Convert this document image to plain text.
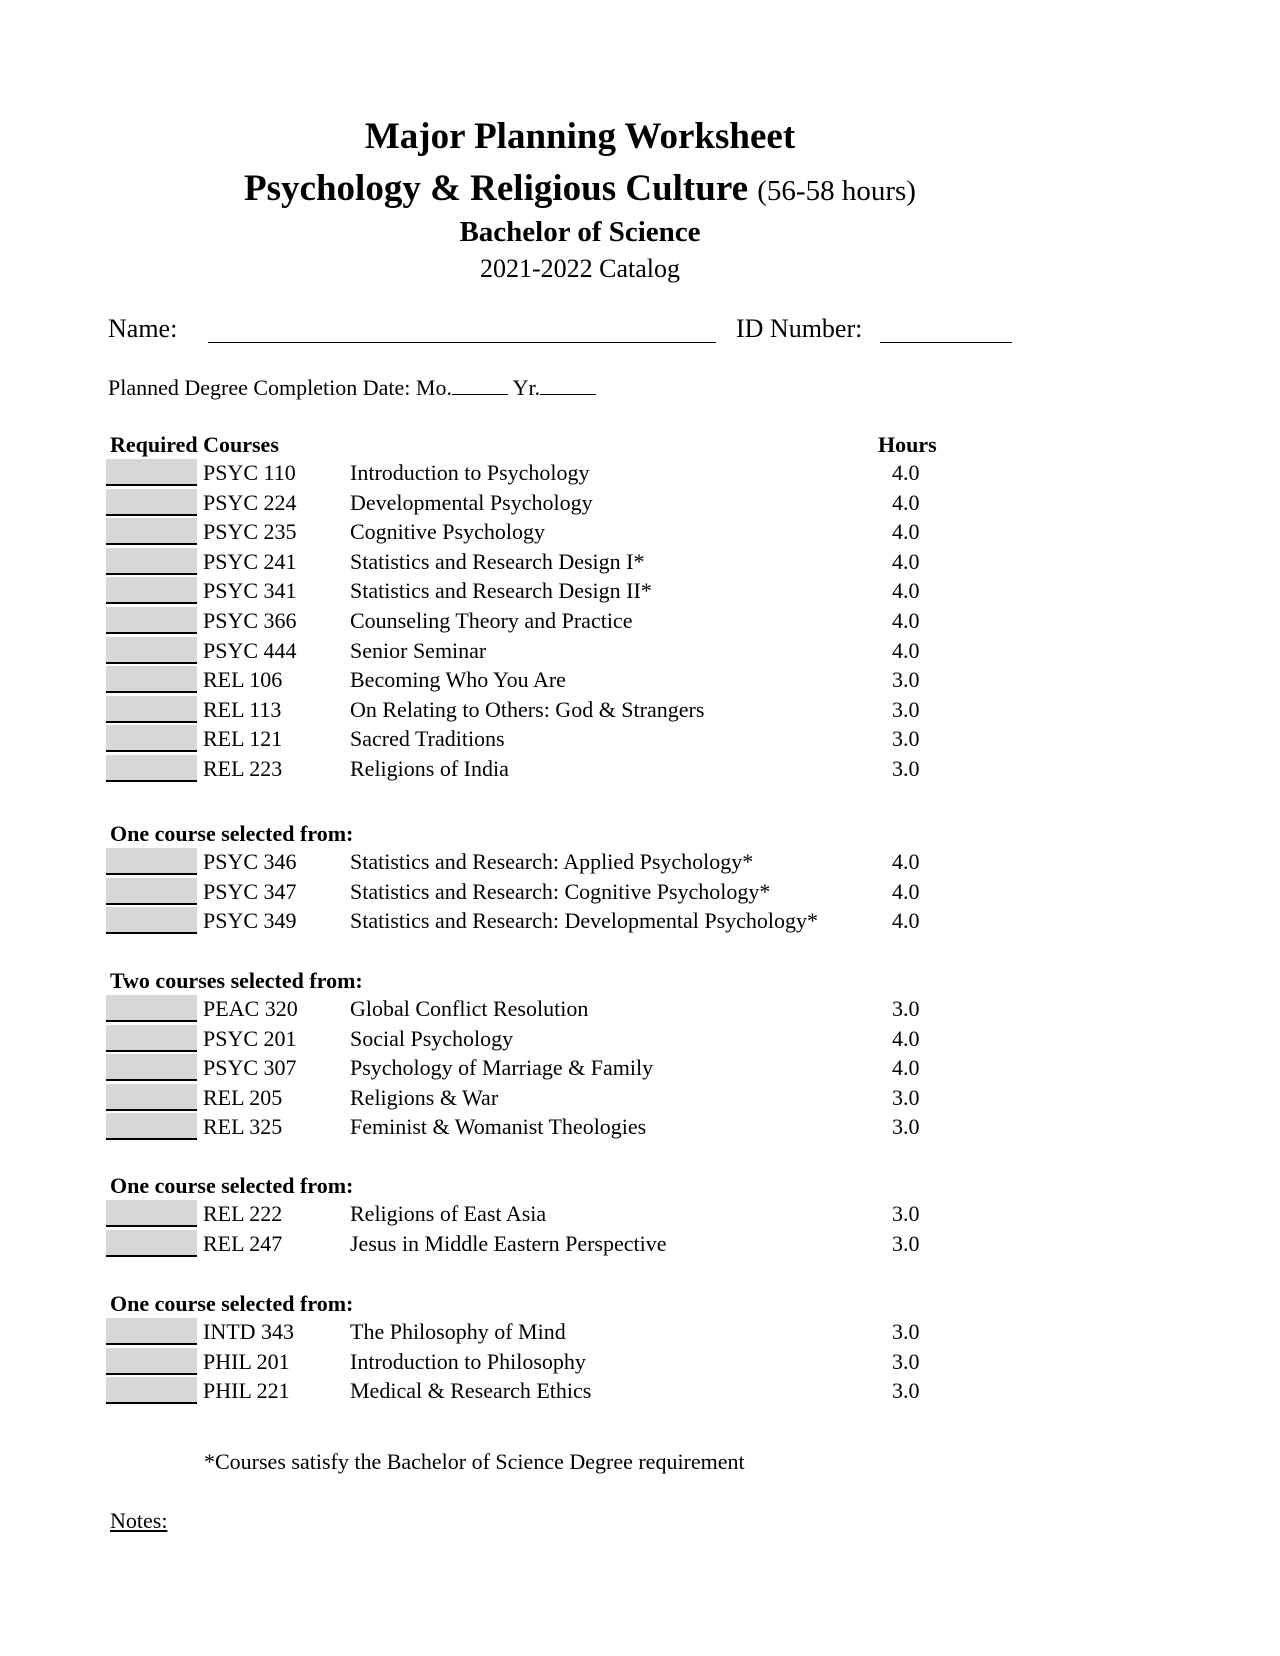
Major Planning Worksheet
Psychology & Religious Culture (56-58 hours)
Bachelor of Science
2021-2022 Catalog
Name:	ID Number:
Planned Degree Completion Date: Mo.	Yr.
Hours
Required Courses
PSYC 110 Introduction to Psychology	4.0
PSYC 224 Developmental Psychology	4.0
PSYC 235 Cognitive Psychology	4.0
PSYC 241 Statistics and Research Design I*	4.0
PSYC 341 Statistics and Research Design II*	4.0
PSYC 366 Counseling Theory and Practice	4.0
PSYC 444 Senior Seminar	4.0
REL 106	Becoming Who You Are	3.0
REL 113	On Relating to Others: God & Strangers	3.0
REL 121	Sacred Traditions	3.0
REL 223	Religions of India	3.0
One course selected from:
PSYC 346 Statistics and Research: Applied Psychology*	4.0
PSYC 347 Statistics and Research: Cognitive Psychology*	4.0
PSYC 349 Statistics and Research: Developmental Psychology*	4.0
Two courses selected from:
PEAC 320 Global Conflict Resolution	3.0
PSYC 201 Social Psychology	4.0
PSYC 307 Psychology of Marriage & Family	4.0
REL 205	Religions & War	3.0
REL 325	Feminist & Womanist Theologies	3.0
One course selected from:
REL 222	Religions of East Asia	3.0
REL 247	Jesus in Middle Eastern Perspective	3.0
One course selected from:
INTD 343	The Philosophy of Mind	3.0
PHIL 201	Introduction to Philosophy	3.0
PHIL 221	Medical & Research Ethics	3.0
*Courses satisfy the Bachelor of Science Degree requirement
Notes:
